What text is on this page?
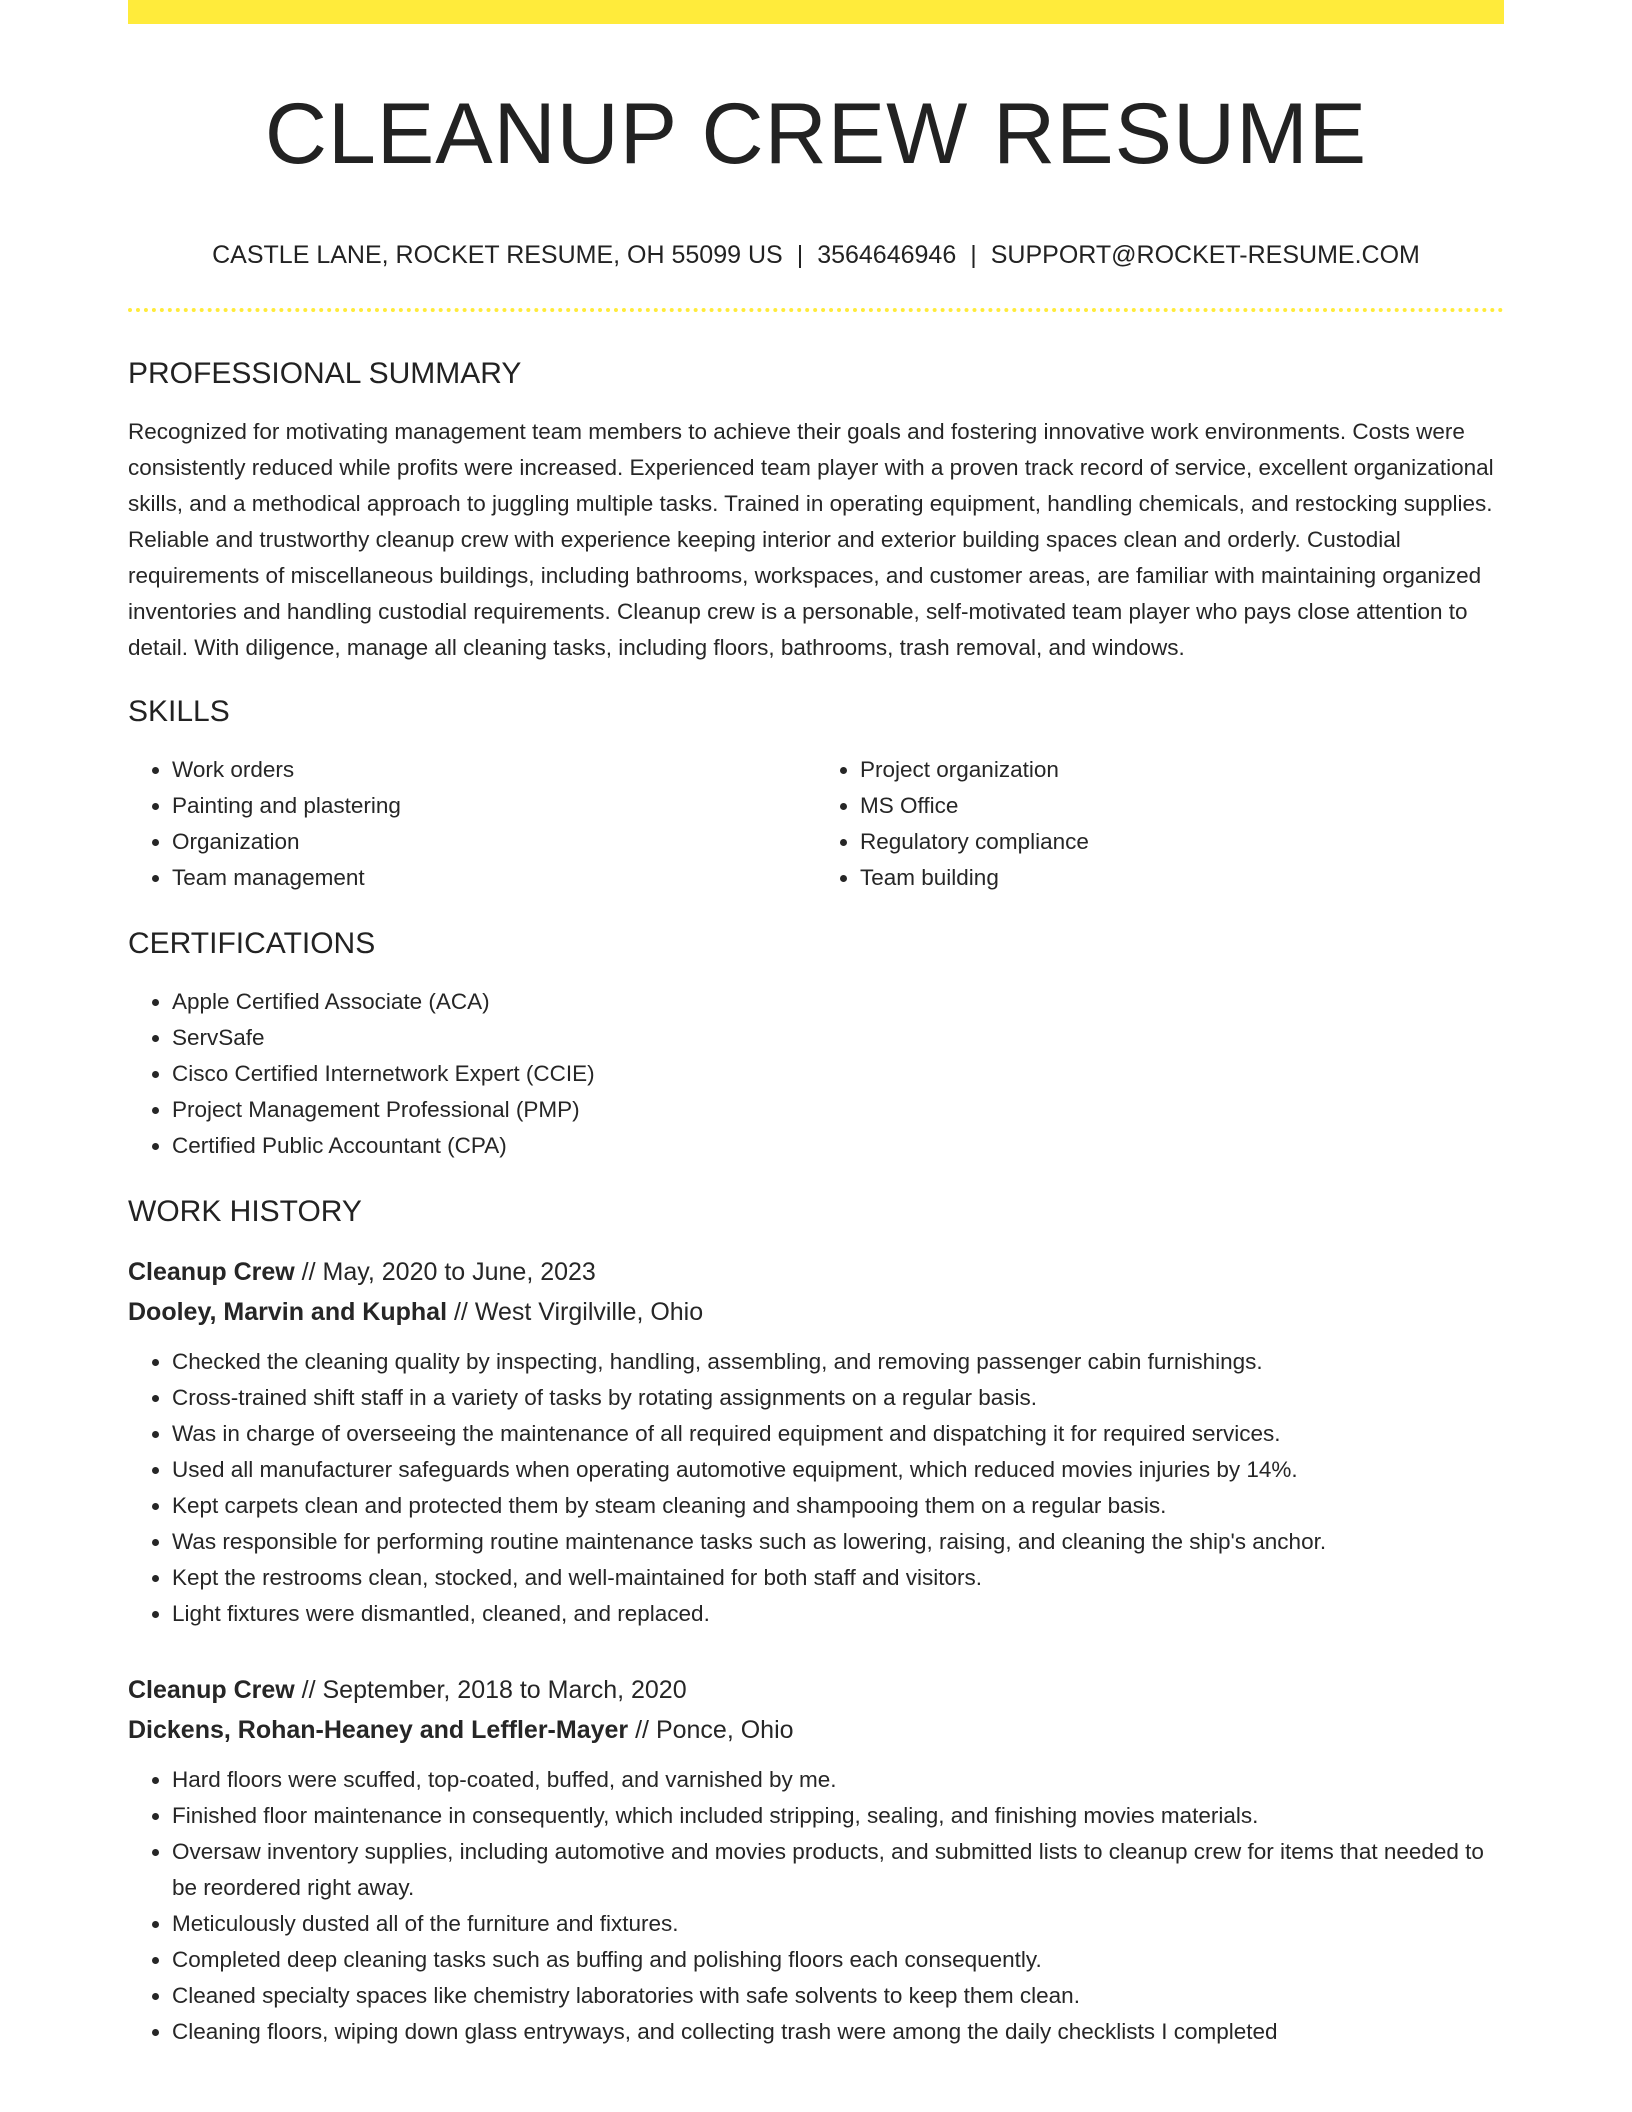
CLEANUP CREW RESUME
CASTLE LANE, ROCKET RESUME, OH 55099 US | 3564646946 | SUPPORT@ROCKET-RESUME.COM
PROFESSIONAL SUMMARY

Recognized for motivating management team members to achieve their goals and fostering innovative work environments. Costs were consistently reduced while profits were increased. Experienced team player with a proven track record of service, excellent organizational skills, and a methodical approach to juggling multiple tasks. Trained in operating equipment, handling chemicals, and restocking supplies. Reliable and trustworthy cleanup crew with experience keeping interior and exterior building spaces clean and orderly. Custodial requirements of miscellaneous buildings, including bathrooms, workspaces, and customer areas, are familiar with maintaining organized inventories and handling custodial requirements. Cleanup crew is a personable, self-motivated team player who pays close attention to detail. With diligence, manage all cleaning tasks, including floors, bathrooms, trash removal, and windows.

SKILLS
• Work orders
• Painting and plastering
• Organization
• Team management
• Project organization
• MS Office
• Regulatory compliance
• Team building
CERTIFICATIONS
• Apple Certified Associate (ACA)
• ServSafe
• Cisco Certified Internetwork Expert (CCIE)
• Project Management Professional (PMP)
• Certified Public Accountant (CPA)
WORK HISTORY
Cleanup Crew // May, 2020 to June, 2023
Dooley, Marvin and Kuphal // West Virgilville, Ohio
• Checked the cleaning quality by inspecting, handling, assembling, and removing passenger cabin furnishings.
• Cross-trained shift staff in a variety of tasks by rotating assignments on a regular basis.
• Was in charge of overseeing the maintenance of all required equipment and dispatching it for required services.
• Used all manufacturer safeguards when operating automotive equipment, which reduced movies injuries by 14%.
• Kept carpets clean and protected them by steam cleaning and shampooing them on a regular basis.
• Was responsible for performing routine maintenance tasks such as lowering, raising, and cleaning the ship's anchor.
• Kept the restrooms clean, stocked, and well-maintained for both staff and visitors.
• Light fixtures were dismantled, cleaned, and replaced.
Cleanup Crew // September, 2018 to March, 2020
Dickens, Rohan-Heaney and Leffler-Mayer // Ponce, Ohio
• Hard floors were scuffed, top-coated, buffed, and varnished by me.
• Finished floor maintenance in consequently, which included stripping, sealing, and finishing movies materials.
• Oversaw inventory supplies, including automotive and movies products, and submitted lists to cleanup crew for items that needed to be reordered right away.
• Meticulously dusted all of the furniture and fixtures.
• Completed deep cleaning tasks such as buffing and polishing floors each consequently.
• Cleaned specialty spaces like chemistry laboratories with safe solvents to keep them clean.
• Cleaning floors, wiping down glass entryways, and collecting trash were among the daily checklists I completed
